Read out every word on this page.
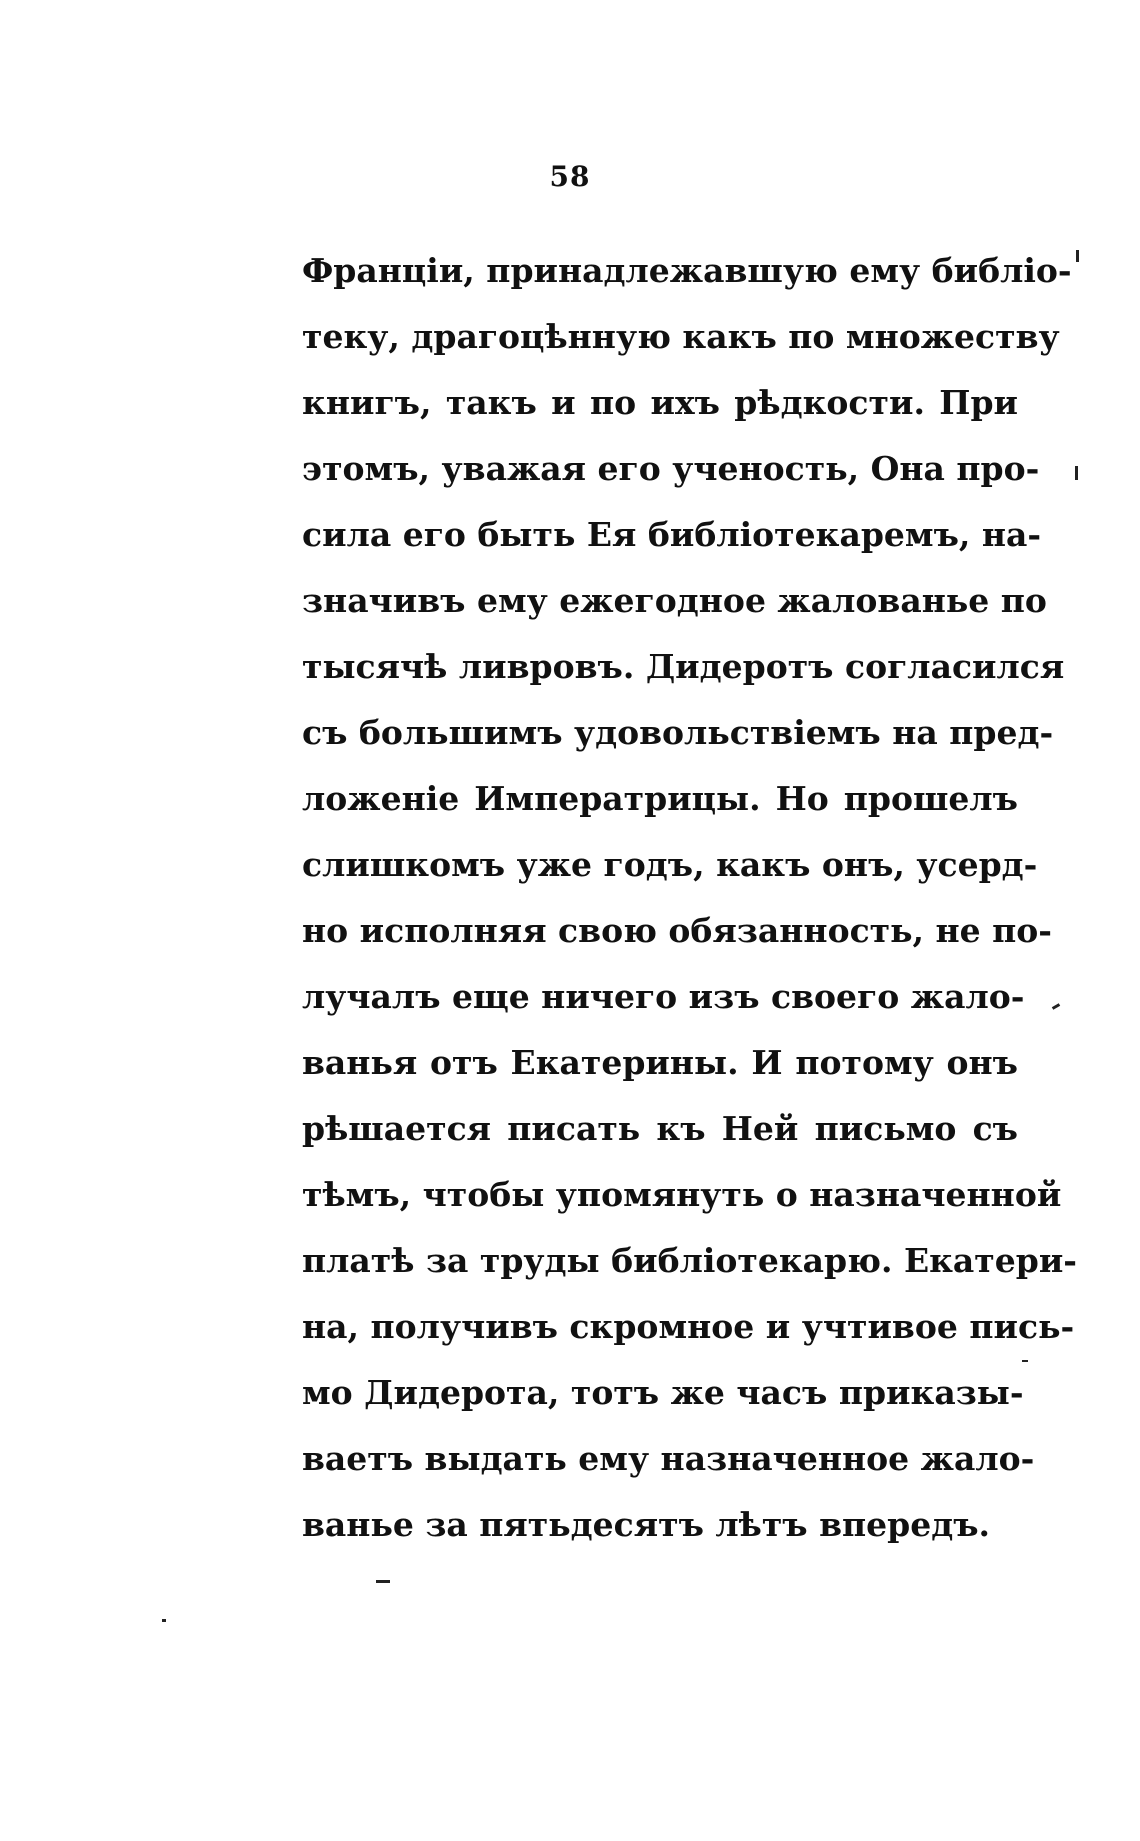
58
Франціи, принадлежавшую ему библіо-
теку, драгоцѣнную какъ по множеству
книгъ, такъ и по ихъ рѣдкости. При
этомъ, уважая его ученость, Она про-
сила его быть Ея библіотекаремъ, на-
значивъ ему ежегодное жалованье по
тысячѣ ливровъ. Дидеротъ согласился
съ большимъ удовольствіемъ на пред-
ложеніе Императрицы. Но прошелъ
слишкомъ уже годъ, какъ онъ, усерд-
но исполняя свою обязанность, не по-
лучалъ еще ничего изъ своего жало-
ванья отъ Екатерины. И потому онъ
рѣшается писать къ Ней письмо съ
тѣмъ, чтобы упомянуть о назначенной
платѣ за труды библіотекарю. Екатери-
на, получивъ скромное и учтивое пись-
мо Дидерота, тотъ же часъ приказы-
ваетъ выдать ему назначенное жало-
ванье за пятьдесятъ лѣтъ впередъ.
